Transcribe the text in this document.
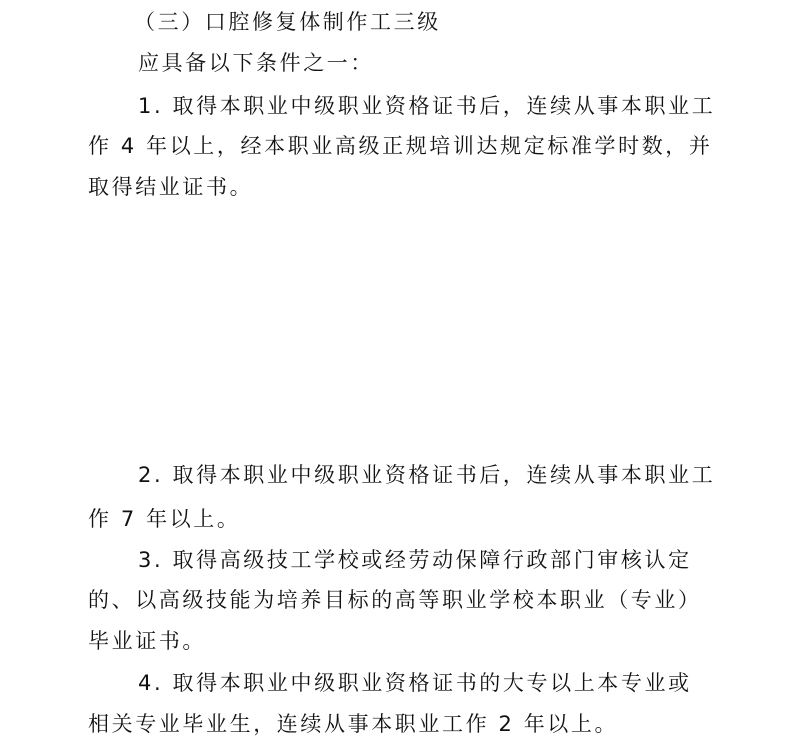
（三）口腔修复体制作工三级
应具备以下条件之一：
1. 取得本职业中级职业资格证书后，连续从事本职业工
作 4 年以上，经本职业高级正规培训达规定标准学时数，并
取得结业证书。
2. 取得本职业中级职业资格证书后，连续从事本职业工
作 7 年以上。
3. 取得高级技工学校或经劳动保障行政部门审核认定
的、以高级技能为培养目标的高等职业学校本职业（专业）
毕业证书。
4. 取得本职业中级职业资格证书的大专以上本专业或
相关专业毕业生，连续从事本职业工作 2 年以上。
